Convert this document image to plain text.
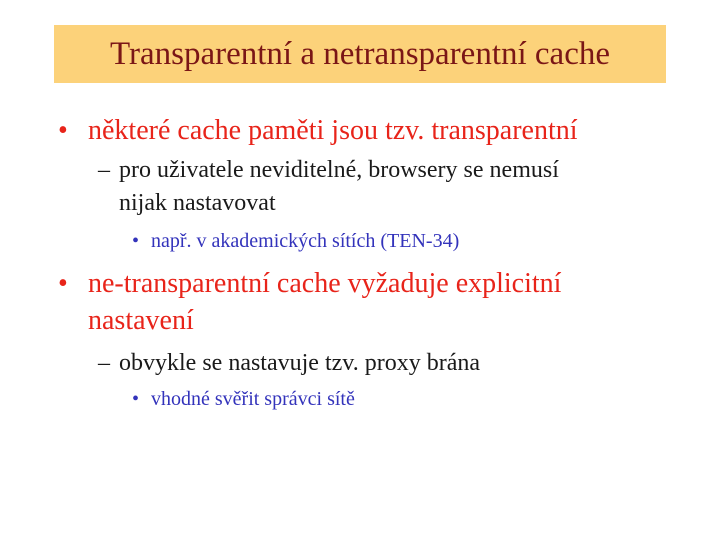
Transparentní a netransparentní cache
• některé cache paměti jsou tzv. transparentní
– pro uživatele neviditelné, browsery se nemusí
nijak nastavovat
• např. v akademických sítích (TEN-34)
• ne-transparentní cache vyžaduje explicitní
nastavení
– obvykle se nastavuje tzv. proxy brána
• vhodné svěřit správci sítě
